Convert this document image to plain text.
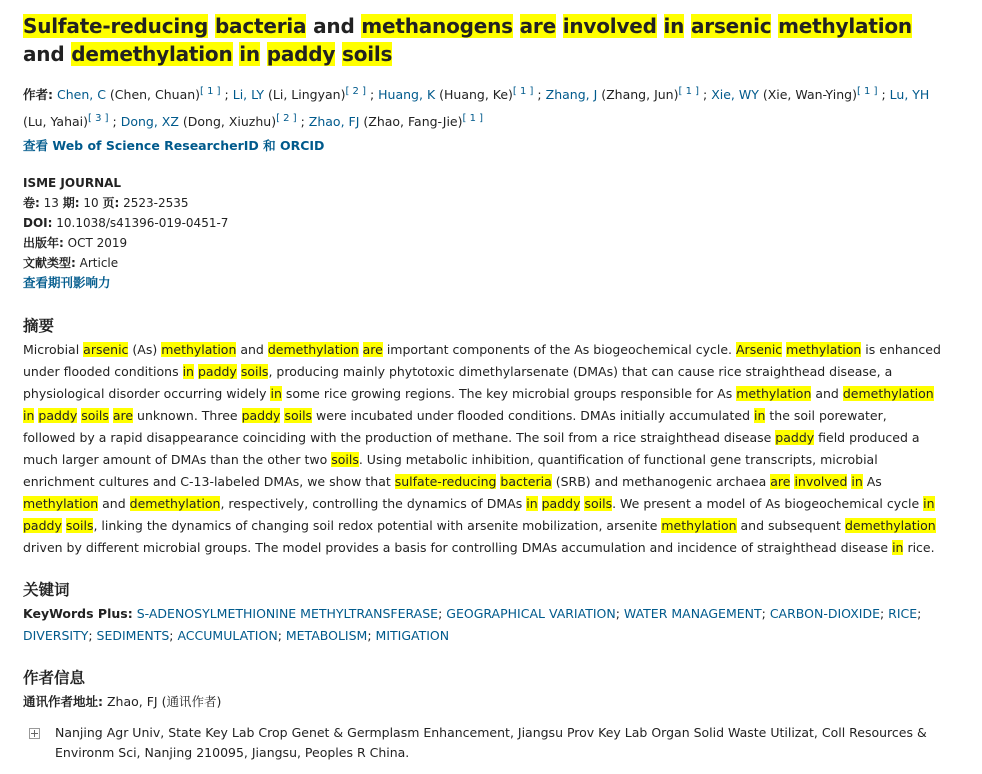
Sulfate-reducing bacteria and methanogens are involved in arsenic methylation and demethylation in paddy soils
作者: Chen, C (Chen, Chuan)[ 1 ] ; Li, LY (Li, Lingyan)[ 2 ] ; Huang, K (Huang, Ke)[ 1 ] ; Zhang, J (Zhang, Jun)[ 1 ] ; Xie, WY (Xie, Wan-Ying)[ 1 ] ; Lu, YH (Lu, Yahai)[ 3 ] ; Dong, XZ (Dong, Xiuzhu)[ 2 ] ; Zhao, FJ (Zhao, Fang-Jie)[ 1 ]
查看 Web of Science ResearcherID 和 ORCID
ISME JOURNAL
卷: 13 期: 10 页: 2523-2535
DOI: 10.1038/s41396-019-0451-7
出版年: OCT 2019
文献类型: Article
查看期刊影响力
摘要
Microbial arsenic (As) methylation and demethylation are important components of the As biogeochemical cycle. Arsenic methylation is enhanced under flooded conditions in paddy soils, producing mainly phytotoxic dimethylarsenate (DMAs) that can cause rice straighthead disease, a physiological disorder occurring widely in some rice growing regions. The key microbial groups responsible for As methylation and demethylation in paddy soils are unknown. Three paddy soils were incubated under flooded conditions. DMAs initially accumulated in the soil porewater, followed by a rapid disappearance coinciding with the production of methane. The soil from a rice straighthead disease paddy field produced a much larger amount of DMAs than the other two soils. Using metabolic inhibition, quantification of functional gene transcripts, microbial enrichment cultures and C-13-labeled DMAs, we show that sulfate-reducing bacteria (SRB) and methanogenic archaea are involved in As methylation and demethylation, respectively, controlling the dynamics of DMAs in paddy soils. We present a model of As biogeochemical cycle in paddy soils, linking the dynamics of changing soil redox potential with arsenite mobilization, arsenite methylation and subsequent demethylation driven by different microbial groups. The model provides a basis for controlling DMAs accumulation and incidence of straighthead disease in rice.
关键词
KeyWords Plus: S-ADENOSYLMETHIONINE METHYLTRANSFERASE; GEOGRAPHICAL VARIATION; WATER MANAGEMENT; CARBON-DIOXIDE; RICE; DIVERSITY; SEDIMENTS; ACCUMULATION; METABOLISM; MITIGATION
作者信息
通讯作者地址: Zhao, FJ (通讯作者)
Nanjing Agr Univ, State Key Lab Crop Genet & Germplasm Enhancement, Jiangsu Prov Key Lab Organ Solid Waste Utilizat, Coll Resources & Environm Sci, Nanjing 210095, Jiangsu, Peoples R China.
